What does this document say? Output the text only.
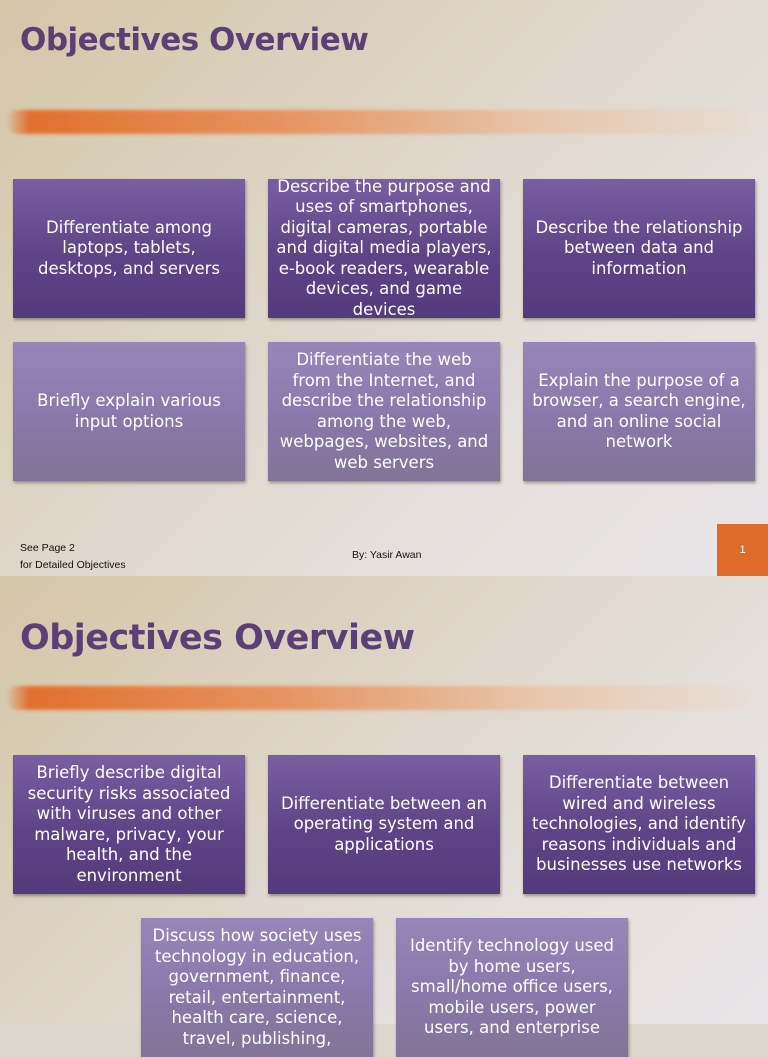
Objectives Overview
Differentiate among laptops, tablets, desktops, and servers
Describe the purpose and uses of smartphones, digital cameras, portable and digital media players, e-book readers, wearable devices, and game devices
Describe the relationship between data and information
Briefly explain various input options
Differentiate the web from the Internet, and describe the relationship among the web, webpages, websites, and web servers
Explain the purpose of a browser, a search engine, and an online social network
See Page 2
for Detailed Objectives
By: Yasir Awan	1
Objectives Overview
Briefly describe digital security risks associated with viruses and other malware, privacy, your health, and the environment
Differentiate between an operating system and applications
Differentiate between wired and wireless technologies, and identify reasons individuals and businesses use networks
Discuss how society uses technology in education, government, finance, retail, entertainment, health care, science, travel, publishing,
Identify technology used by home users, small/home office users, mobile users, power users, and enterprise
